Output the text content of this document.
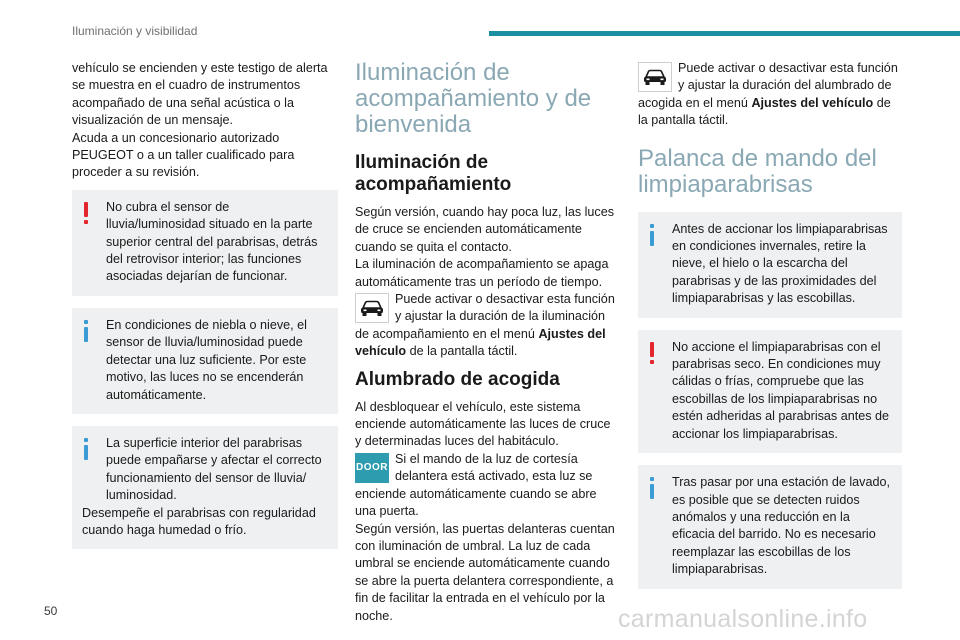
Iluminación y visibilidad
vehículo se encienden y este testigo de alerta se muestra en el cuadro de instrumentos acompañado de una señal acústica o la visualización de un mensaje.
Acuda a un concesionario autorizado PEUGEOT o a un taller cualificado para proceder a su revisión.
No cubra el sensor de lluvia/luminosidad situado en la parte superior central del parabrisas, detrás del retrovisor interior; las funciones asociadas dejarían de funcionar.
En condiciones de niebla o nieve, el sensor de lluvia/luminosidad puede detectar una luz suficiente. Por este motivo, las luces no se encenderán automáticamente.
La superficie interior del parabrisas puede empañarse y afectar el correcto funcionamiento del sensor de lluvia/ luminosidad.
Desempeñe el parabrisas con regularidad cuando haga humedad o frío.
Iluminación de acompañamiento y de bienvenida
Iluminación de acompañamiento
Según versión, cuando hay poca luz, las luces de cruce se encienden automáticamente cuando se quita el contacto.
La iluminación de acompañamiento se apaga automáticamente tras un período de tiempo.
Puede activar o desactivar esta función y ajustar la duración de la iluminación de acompañamiento en el menú Ajustes del vehículo de la pantalla táctil.
Alumbrado de acogida
Al desbloquear el vehículo, este sistema enciende automáticamente las luces de cruce y determinadas luces del habitáculo.
DOOR
Si el mando de la luz de cortesía delantera está activado, esta luz se enciende automáticamente cuando se abre una puerta.
Según versión, las puertas delanteras cuentan con iluminación de umbral. La luz de cada umbral se enciende automáticamente cuando se abre la puerta delantera correspondiente, a fin de facilitar la entrada en el vehículo por la noche.
Puede activar o desactivar esta función y ajustar la duración del alumbrado de acogida en el menú Ajustes del vehículo de la pantalla táctil.
Palanca de mando del limpiaparabrisas
Antes de accionar los limpiaparabrisas en condiciones invernales, retire la nieve, el hielo o la escarcha del parabrisas y de las proximidades del limpiaparabrisas y las escobillas.
No accione el limpiaparabrisas con el parabrisas seco. En condiciones muy cálidas o frías, compruebe que las escobillas de los limpiaparabrisas no estén adheridas al parabrisas antes de accionar los limpiaparabrisas.
Tras pasar por una estación de lavado, es posible que se detecten ruidos anómalos y una reducción en la eficacia del barrido. No es necesario reemplazar las escobillas de los limpiaparabrisas.
50	carmanualsonline.info
